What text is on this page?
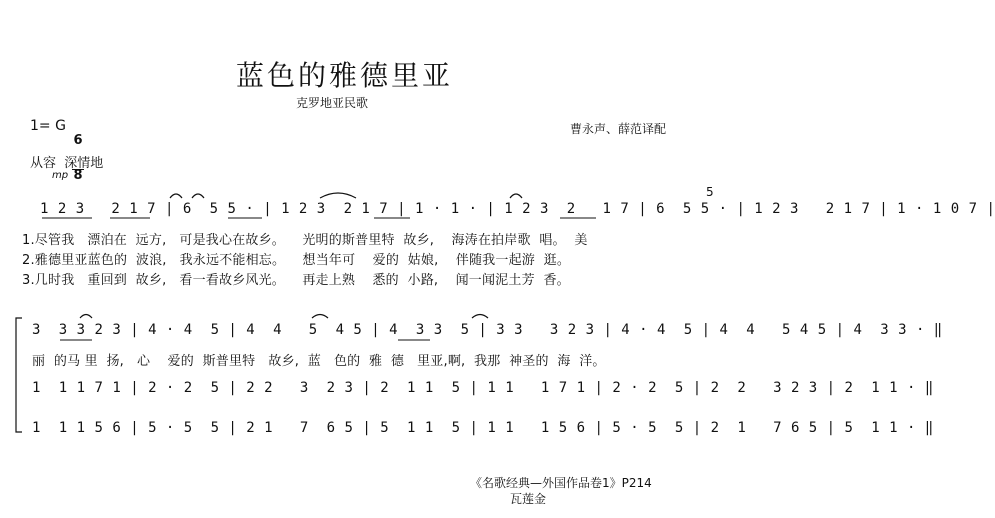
蓝色的雅德里亚
克罗地亚民歌
1= G

6

8

曹永声、薛范译配
从容  深情地
mp
1 2 3   2 1 7 | 6  5 5 · | 1 2 3  2 1 7 | 1 · 1 · | 1 2 3  2   1 7 | 6  5 5 · | 1 2 3   2 1 7 | 1 · 1 0 7 |
5
1.尽管我   漂泊在  远方,   可是我心在故乡。    光明的斯普里特  故乡,    海涛在拍岸歌  唱。  美
2.雅德里亚蓝色的  波浪,   我永远不能相忘。    想当年可    爱的  姑娘,    伴随我一起游  逛。
3.几时我   重回到  故乡,   看一看故乡风光。    再走上熟    悉的  小路,    闻一闻泥土芳  香。
3  3 3 2 3 | 4 · 4  5 | 4  4   5  4 5 | 4  3 3  5 | 3 3   3 2 3 | 4 · 4  5 | 4  4   5 4 5 | 4  3 3 · ‖
丽  的马 里  扬,   心    爱的  斯普里特   故乡,  蓝   色的  雅  德   里亚,啊,  我那  神圣的  海  洋。
1  1 1 7 1 | 2 · 2  5 | 2 2   3  2 3 | 2  1 1  5 | 1 1   1 7 1 | 2 · 2  5 | 2  2   3 2 3 | 2  1 1 · ‖
1  1 1 5 6 | 5 · 5  5 | 2 1   7  6 5 | 5  1 1  5 | 1 1   1 5 6 | 5 · 5  5 | 2  1   7 6 5 | 5  1 1 · ‖
《名歌经典—外国作品卷1》P214
瓦莲金
